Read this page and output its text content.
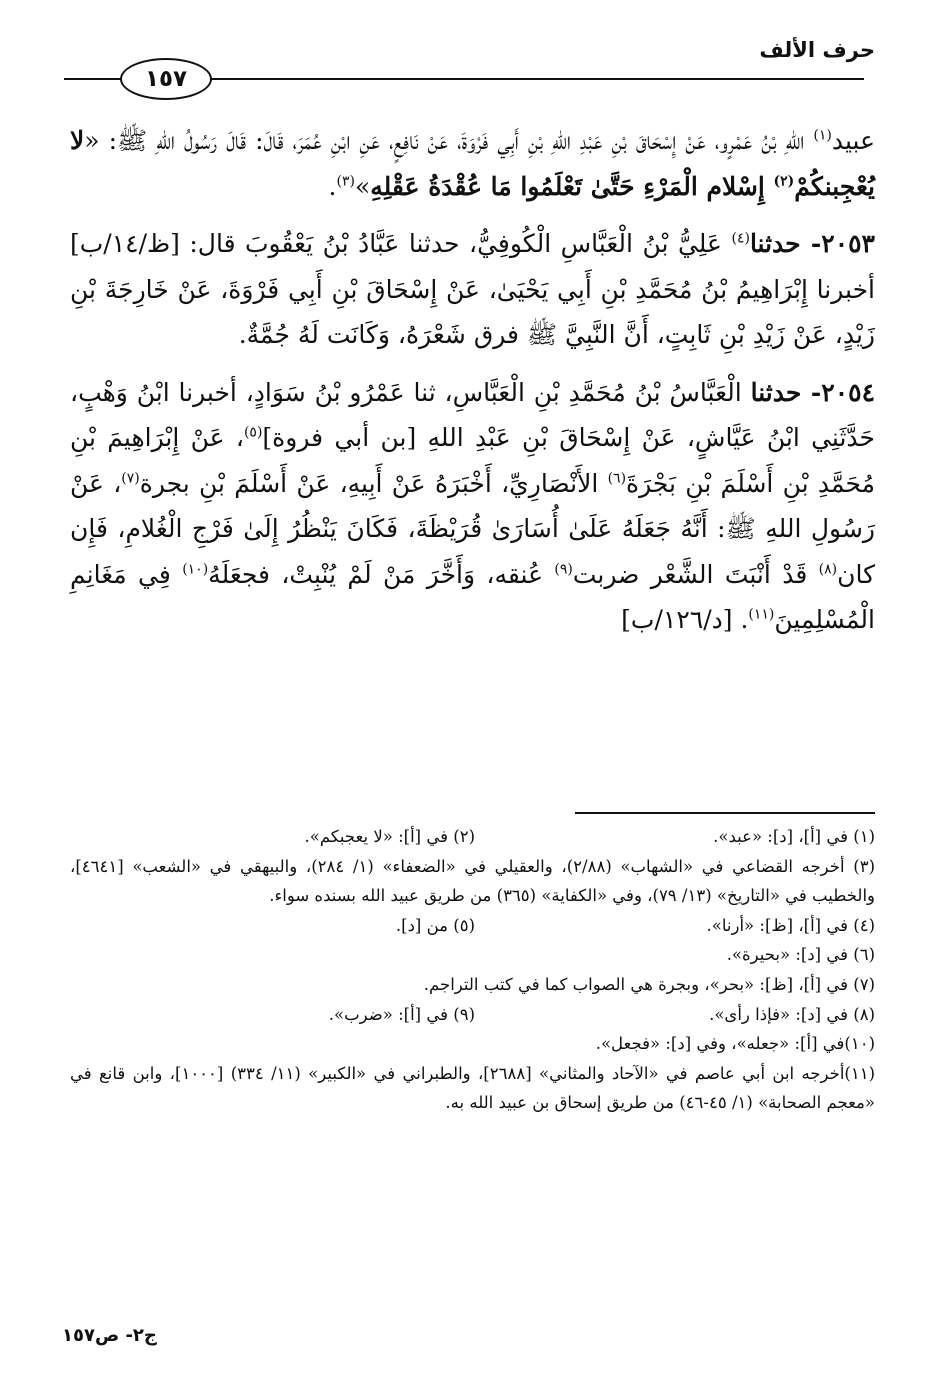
حرف الألف
١٥٧

عبيد$^{(١)}$ اللهِ بْنُ عَمْرٍو، عَنْ إِسْحَاقَ بْنِ عَبْدِ اللهِ بْنِ أَبِي فَرْوَةَ، عَنْ نَافِعٍ، عَنِ ابْنِ عُمَرَ، قَالَ: قَالَ رَسُولُ اللهِ ﷺ: «لا يُعْجِبنكُمْ$^{(٢)}$ إِسْلام الْمَرْءِ حَتَّىٰ تَعْلَمُوا مَا عُقْدَةُ عَقْلِهِ»$^{(٣)}$.

٢٠٥٣- حدثنا$^{(٤)}$ عَلِيُّ بْنُ الْعَبَّاسِ الْكُوفِيُّ، حدثنا عَبَّادُ بْنُ يَعْقُوبَ قال: [ظ/١٤/ب] أخبرنا إِبْرَاهِيمُ بْنُ مُحَمَّدِ بْنِ أَبِي يَحْيَىٰ، عَنْ إِسْحَاقَ بْنِ أَبِي فَرْوَةَ، عَنْ خَارِجَةَ بْنِ زَيْدٍ، عَنْ زَيْدِ بْنِ ثَابِتٍ، أَنَّ النَّبِيَّ ﷺ فرق شَعْرَهُ، وَكَانَت لَهُ جُمَّةٌ.

٢٠٥٤- حدثنا الْعَبَّاسُ بْنُ مُحَمَّدِ بْنِ الْعَبَّاسِ، ثنا عَمْرُو بْنُ سَوَادٍ، أخبرنا ابْنُ وَهْبٍ، حَدَّثَنِي ابْنُ عَيَّاشٍ، عَنْ إِسْحَاقَ بْنِ عَبْدِ اللهِ [بن أبي فروة]$^{(٥)}$، عَنْ إِبْرَاهِيمَ بْنِ مُحَمَّدِ بْنِ أَسْلَمَ بْنِ بَجْرَةَ$^{(٦)}$ الأَنْصَارِيِّ، أَخْبَرَهُ عَنْ أَبِيهِ، عَنْ أَسْلَمَ بْنِ بجرة$^{(٧)}$، عَنْ رَسُولِ اللهِ ﷺ: أَنَّهُ جَعَلَهُ عَلَىٰ أُسَارَىٰ قُرَيْظَةَ، فَكَانَ يَنْظُرُ إِلَىٰ فَرْجِ الْغُلامِ، فَإِن كان$^{(٨)}$ قَدْ أَنْبَتَ الشَّعْر ضربت$^{(٩)}$ عُنقه، وَأَخَّرَ مَنْ لَمْ يُنْبِتْ، فجعَلَهُ$^{(١٠)}$ فِي مَغَانِمِ الْمُسْلِمِينَ$^{(١١)}$. [د/١٢٦/ب]

(١) في [أ]، [د]: «عبد».
(٢) في [أ]: «لا يعجبكم».

(٣) أخرجه القضاعي في «الشهاب» (٢/٨٨)، والعقيلي في «الضعفاء» (١/ ٢٨٤)، والبيهقي في «الشعب» [٤٦٤١]، والخطيب في «التاريخ» (١٣/ ٧٩)، وفي «الكفاية» (٣٦٥) من طريق عبيد الله بسنده سواء.

(٤) في [أ]، [ظ]: «أرنا».
(٥) من [د].

(٦) في [د]: «بحيرة».

(٧) في [أ]، [ظ]: «بحر»، وبجرة هي الصواب كما في كتب التراجم.

(٨) في [د]: «فإذا رأى».
(٩) في [أ]: «ضرب».

(١٠)في [أ]: «جعله»، وفي [د]: «فجعل».

(١١)أخرجه ابن أبي عاصم في «الآحاد والمثاني» [٢٦٨٨]، والطبراني في «الكبير» (١١/ ٣٣٤) [١٠٠٠]، وابن قانع في «معجم الصحابة» (١/ ٤٥-٤٦) من طريق إسحاق بن عبيد الله به.

ج٢- ص١٥٧
